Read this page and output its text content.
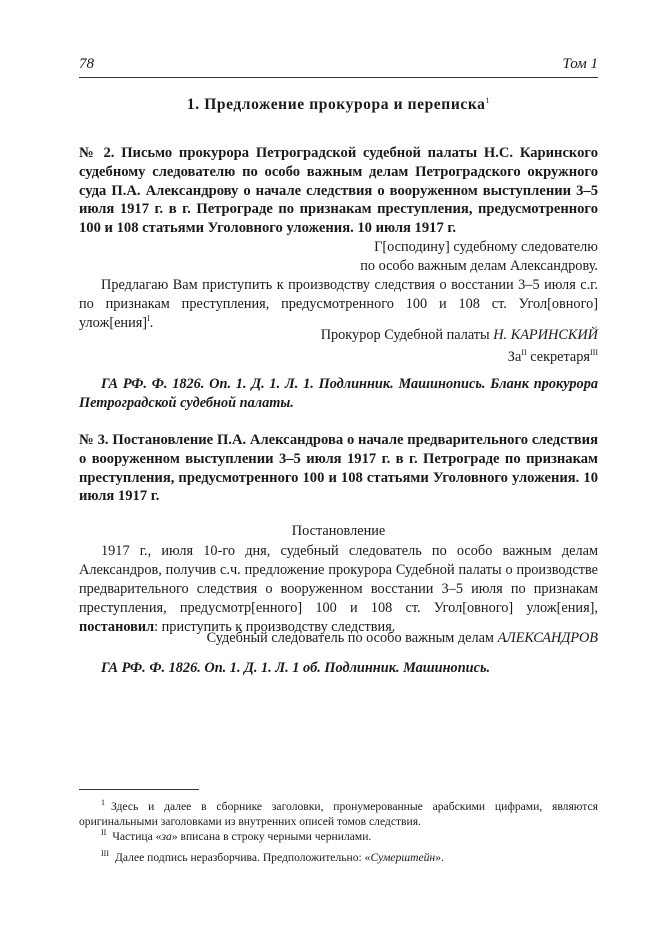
78	Том 1
1. Предложение прокурора и переписка$^1$
№ 2. Письмо прокурора Петроградской судебной палаты Н.С. Каринского судебному следователю по особо важным делам Петроградского окружного суда П.А. Александрову о начале следствия о вооруженном выступлении 3–5 июля 1917 г. в г. Петрограде по признакам преступления, предусмотренного 100 и 108 статьями Уголовного уложения. 10 июля 1917 г.
Г[осподину] судебному следователю
по особо важным делам Александрову.
Предлагаю Вам приступить к производству следствия о восстании 3–5 июля с.г. по признакам преступления, предусмотренного 100 и 108 ст. Угол[овного] улож[ения]$^I$.
Прокурор Судебной палаты Н. КАРИНСКИЙ
$За^{II}$ секретаря$^{III}$
ГА РФ. Ф. 1826. Оп. 1. Д. 1. Л. 1. Подлинник. Машинопись. Бланк прокурора Петроградской судебной палаты.
№ 3. Постановление П.А. Александрова о начале предварительного следствия о вооруженном выступлении 3–5 июля 1917 г. в г. Петрограде по признакам преступления, предусмотренного 100 и 108 статьями Уголовного уложения. 10 июля 1917 г.
Постановление
1917 г., июля 10-го дня, судебный следователь по особо важным делам Александров, получив с.ч. предложение прокурора Судебной палаты о производстве предварительного следствия о вооруженном восстании 3–5 июля по признакам преступления, предусмотр[енного] 100 и 108 ст. Угол[овного] улож[ения], постановил: приступить к производству следствия.
Судебный следователь по особо важным делам АЛЕКСАНДРОВ
ГА РФ. Ф. 1826. Оп. 1. Д. 1. Л. 1 об. Подлинник. Машинопись.
$^1$ Здесь и далее в сборнике заголовки, пронумерованные арабскими цифрами, являются оригинальными заголовками из внутренних описей томов следствия.
$^{II}$ Частица «за» вписана в строку черными чернилами.
$^{III}$ Далее подпись неразборчива. Предположительно: «Сумерштейн».
